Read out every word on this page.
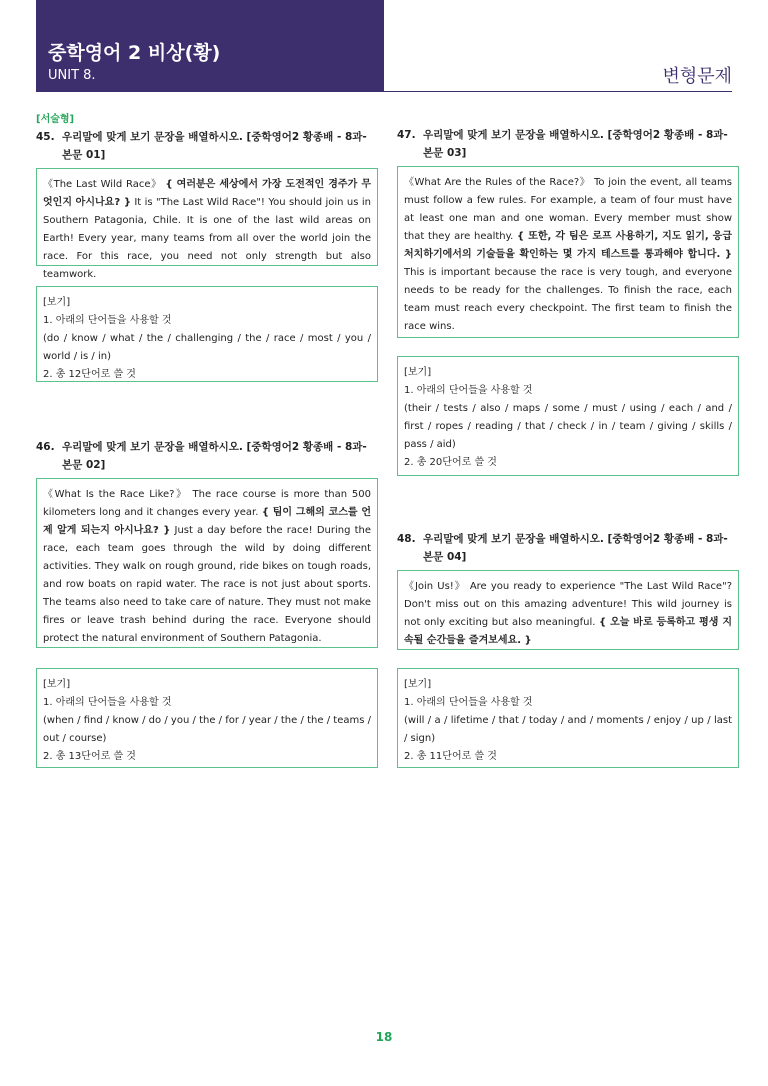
중학영어 2 비상(황)
UNIT 8.	변형문제
[서술형]
45. 우리말에 맞게 보기 문장을 배열하시오. [중학영어2 황종배 - 8과- 본문 01]
《The Last Wild Race》 { 여러분은 세상에서 가장 도전적인 경주가 무엇인지 아시나요? } It is "The Last Wild Race"! You should join us in Southern Patagonia, Chile. It is one of the last wild areas on Earth! Every year, many teams from all over the world join the race. For this race, you need not only strength but also teamwork.
[보기]
1. 아래의 단어들을 사용할 것
(do / know / what / the / challenging / the / race / most / you / world / is / in)
2. 총 12단어로 쓸 것
46. 우리말에 맞게 보기 문장을 배열하시오. [중학영어2 황종배 - 8과- 본문 02]
《What Is the Race Like?》 The race course is more than 500 kilometers long and it changes every year. { 팀이 그해의 코스를 언제 알게 되는지 아시나요? } Just a day before the race! During the race, each team goes through the wild by doing different activities. They walk on rough ground, ride bikes on tough roads, and row boats on rapid water. The race is not just about sports. The teams also need to take care of nature. They must not make fires or leave trash behind during the race. Everyone should protect the natural environment of Southern Patagonia.
[보기]
1. 아래의 단어들을 사용할 것
(when / find / know / do / you / the / for / year / the / the / teams / out / course)
2. 총 13단어로 쓸 것
47. 우리말에 맞게 보기 문장을 배열하시오. [중학영어2 황종배 - 8과- 본문 03]
《What Are the Rules of the Race?》 To join the event, all teams must follow a few rules. For example, a team of four must have at least one man and one woman. Every member must show that they are healthy. { 또한, 각 팀은 로프 사용하기, 지도 읽기, 응급 처치하기에서의 기술들을 확인하는 몇 가지 테스트를 통과해야 합니다. } This is important because the race is very tough, and everyone needs to be ready for the challenges. To finish the race, each team must reach every checkpoint. The first team to finish the race wins.
[보기]
1. 아래의 단어들을 사용할 것
(their / tests / also / maps / some / must / using / each / and / first / ropes / reading / that / check / in / team / giving / skills / pass / aid)
2. 총 20단어로 쓸 것
48. 우리말에 맞게 보기 문장을 배열하시오. [중학영어2 황종배 - 8과- 본문 04]
《Join Us!》 Are you ready to experience "The Last Wild Race"? Don't miss out on this amazing adventure! This wild journey is not only exciting but also meaningful. { 오늘 바로 등록하고 평생 지속될 순간들을 즐겨보세요. }
[보기]
1. 아래의 단어들을 사용할 것
(will / a / lifetime / that / today / and / moments / enjoy / up / last / sign)
2. 총 11단어로 쓸 것
18
